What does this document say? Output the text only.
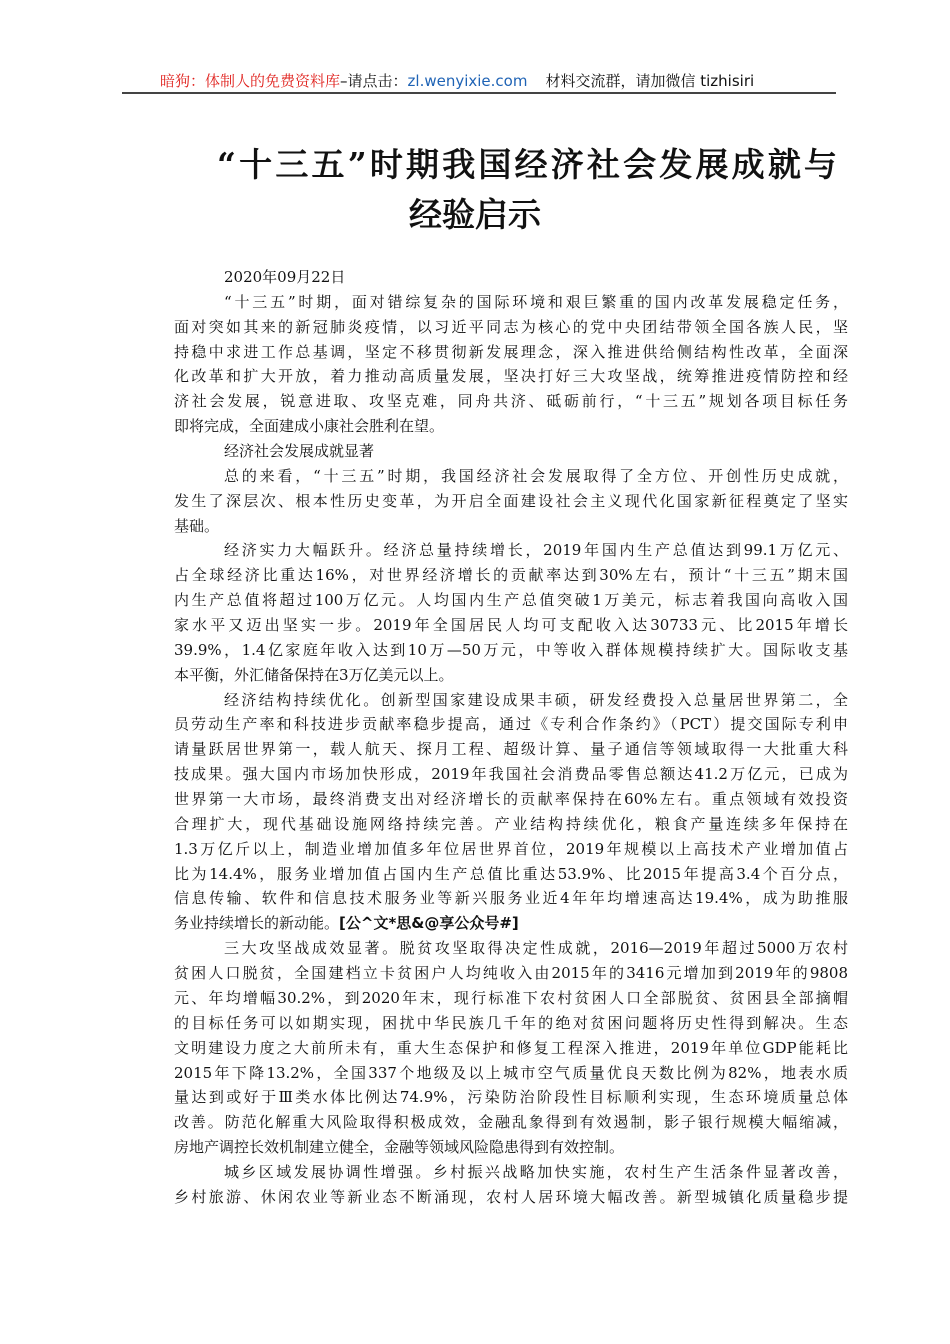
暗狗：体制人的免费资料库–请点击：zl.wenyixie.com 材料交流群，请加微信 tizhisiri
“十三五”时期我国经济社会发展成就与
经验启示
2020年09月22日
“十三五”时期，面对错综复杂的国际环境和艰巨繁重的国内改革发展稳定任务，
面对突如其来的新冠肺炎疫情，以习近平同志为核心的党中央团结带领全国各族人民，坚
持稳中求进工作总基调，坚定不移贯彻新发展理念，深入推进供给侧结构性改革，全面深
化改革和扩大开放，着力推动高质量发展，坚决打好三大攻坚战，统筹推进疫情防控和经
济社会发展，锐意进取、攻坚克难，同舟共济、砥砺前行，“十三五”规划各项目标任务
即将完成，全面建成小康社会胜利在望。
经济社会发展成就显著
总的来看，“十三五”时期，我国经济社会发展取得了全方位、开创性历史成就，
发生了深层次、根本性历史变革，为开启全面建设社会主义现代化国家新征程奠定了坚实
基础。
经济实力大幅跃升。经济总量持续增长，2019年国内生产总值达到99.1万亿元、
占全球经济比重达16%，对世界经济增长的贡献率达到30%左右，预计“十三五”期末国
内生产总值将超过100万亿元。人均国内生产总值突破1万美元，标志着我国向高收入国
家水平又迈出坚实一步。2019年全国居民人均可支配收入达30733元、比2015年增长
39.9%，1.4亿家庭年收入达到10万—50万元，中等收入群体规模持续扩大。国际收支基
本平衡，外汇储备保持在3万亿美元以上。
经济结构持续优化。创新型国家建设成果丰硕，研发经费投入总量居世界第二，全
员劳动生产率和科技进步贡献率稳步提高，通过《专利合作条约》（PCT）提交国际专利申
请量跃居世界第一，载人航天、探月工程、超级计算、量子通信等领域取得一大批重大科
技成果。强大国内市场加快形成，2019年我国社会消费品零售总额达41.2万亿元，已成为
世界第一大市场，最终消费支出对经济增长的贡献率保持在60%左右。重点领域有效投资
合理扩大，现代基础设施网络持续完善。产业结构持续优化，粮食产量连续多年保持在
1.3万亿斤以上，制造业增加值多年位居世界首位，2019年规模以上高技术产业增加值占
比为14.4%，服务业增加值占国内生产总值比重达53.9%、比2015年提高3.4个百分点，
信息传输、软件和信息技术服务业等新兴服务业近4年年均增速高达19.4%，成为助推服
务业持续增长的新动能。[公^文*思&@享公众号#]
三大攻坚战成效显著。脱贫攻坚取得决定性成就，2016—2019年超过5000万农村
贫困人口脱贫，全国建档立卡贫困户人均纯收入由2015年的3416元增加到2019年的9808
元、年均增幅30.2%，到2020年末，现行标准下农村贫困人口全部脱贫、贫困县全部摘帽
的目标任务可以如期实现，困扰中华民族几千年的绝对贫困问题将历史性得到解决。生态
文明建设力度之大前所未有，重大生态保护和修复工程深入推进，2019年单位GDP能耗比
2015年下降13.2%，全国337个地级及以上城市空气质量优良天数比例为82%，地表水质
量达到或好于Ⅲ类水体比例达74.9%，污染防治阶段性目标顺利实现，生态环境质量总体
改善。防范化解重大风险取得积极成效，金融乱象得到有效遏制，影子银行规模大幅缩减，
房地产调控长效机制建立健全，金融等领域风险隐患得到有效控制。
城乡区域发展协调性增强。乡村振兴战略加快实施，农村生产生活条件显著改善，
乡村旅游、休闲农业等新业态不断涌现，农村人居环境大幅改善。新型城镇化质量稳步提
